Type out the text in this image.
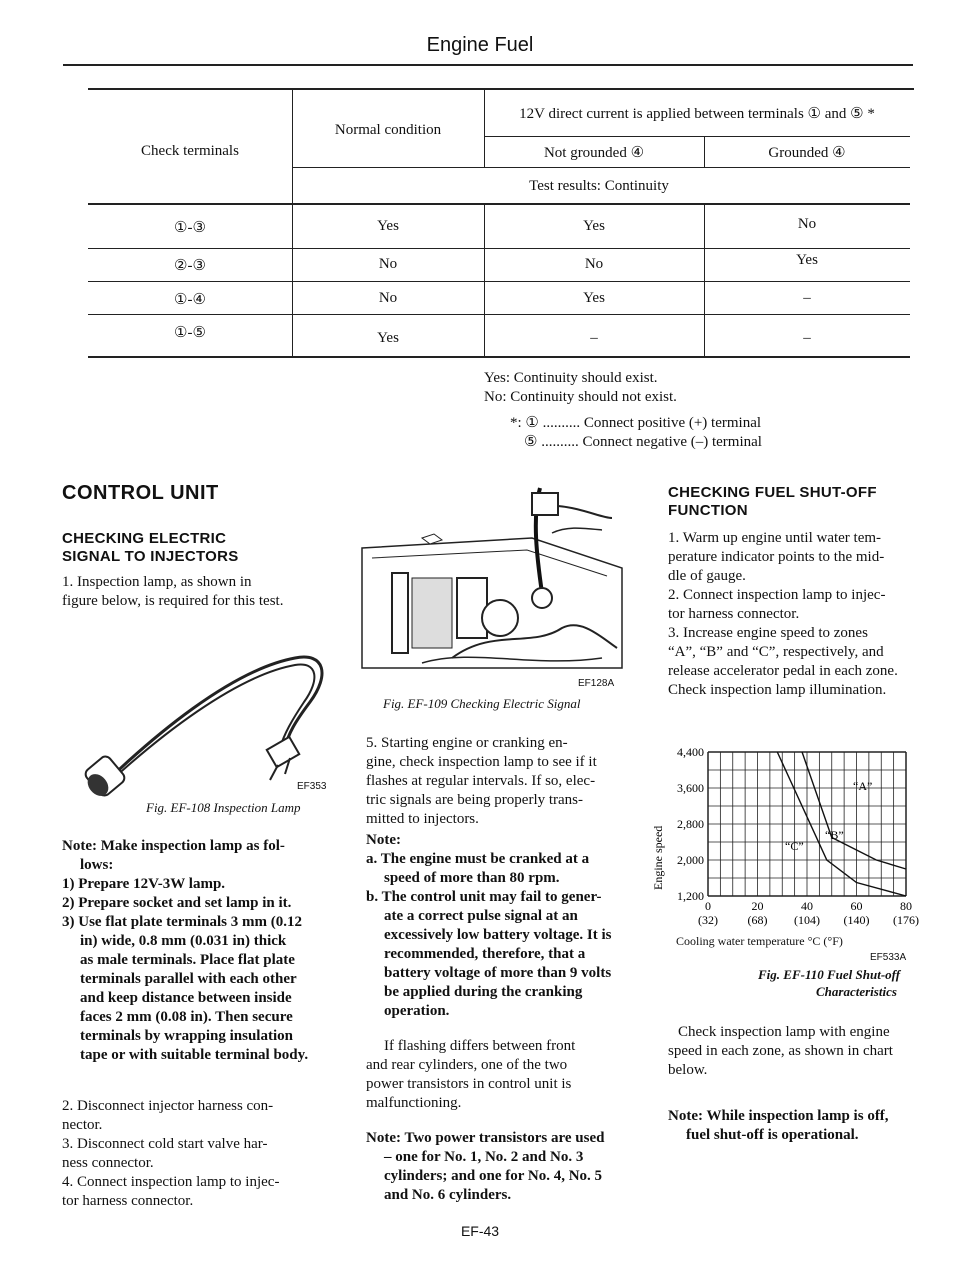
Engine Fuel
Check terminals
Normal condition
12V direct current is applied between terminals ① and ⑤ *
Not grounded ④	Grounded ④
Test results: Continuity
①-③	Yes	Yes	No
②-③	No	No	Yes
①-④	No	Yes	–
①-⑤	Yes	–	–
Yes: Continuity should exist.
No: Continuity should not exist.
*: ① .......... Connect positive (+) terminal
⑤ .......... Connect negative (–) terminal
CONTROL UNIT
CHECKING ELECTRIC
SIGNAL TO INJECTORS
1. Inspection lamp, as shown in
figure below, is required for this test.
EF353
Fig. EF-108 Inspection Lamp
Note: Make inspection lamp as fol-
lows:
1) Prepare 12V-3W lamp.
2) Prepare socket and set lamp in it.
3) Use flat plate terminals 3 mm (0.12
in) wide, 0.8 mm (0.031 in) thick
as male terminals. Place flat plate
terminals parallel with each other
and keep distance between inside
faces 2 mm (0.08 in). Then secure
terminals by wrapping insulation
tape or with suitable terminal body.
2. Disconnect injector harness con-
nector.
3. Disconnect cold start valve har-
ness connector.
4. Connect inspection lamp to injec-
tor harness connector.
EF128A
Fig. EF-109 Checking Electric Signal
5. Starting engine or cranking en-
gine, check inspection lamp to see if it
flashes at regular intervals. If so, elec-
tric signals are being properly trans-
mitted to injectors.
Note:
a. The engine must be cranked at a
speed of more than 80 rpm.
b. The control unit may fail to gener-
ate a correct pulse signal at an
excessively low battery voltage. It is
recommended, therefore, that a
battery voltage of more than 9 volts
be applied during the cranking
operation.
If flashing differs between front
and rear cylinders, one of the two
power transistors in control unit is
malfunctioning.
Note: Two power transistors are used
– one for No. 1, No. 2 and No. 3
cylinders; and one for No. 4, No. 5
and No. 6 cylinders.
CHECKING FUEL SHUT-OFF
FUNCTION
1. Warm up engine until water tem-
perature indicator points to the mid-
dle of gauge.
2. Connect inspection lamp to injec-
tor harness connector.
3. Increase engine speed to zones
“A”, “B” and “C”, respectively, and
release accelerator pedal in each zone.
Check inspection lamp illumination.
4,400
3,600
2,800
2,000
1,200
0
(32)
20
(68)
40
(104)
60
(140)
80
(176)
Engine speed
“A”
“B”
“C”
Cooling water temperature °C (°F)
EF533A
Fig. EF-110 Fuel Shut-off
Characteristics
Check inspection lamp with engine
speed in each zone, as shown in chart
below.
Note: While inspection lamp is off,
fuel shut-off is operational.
EF-43
